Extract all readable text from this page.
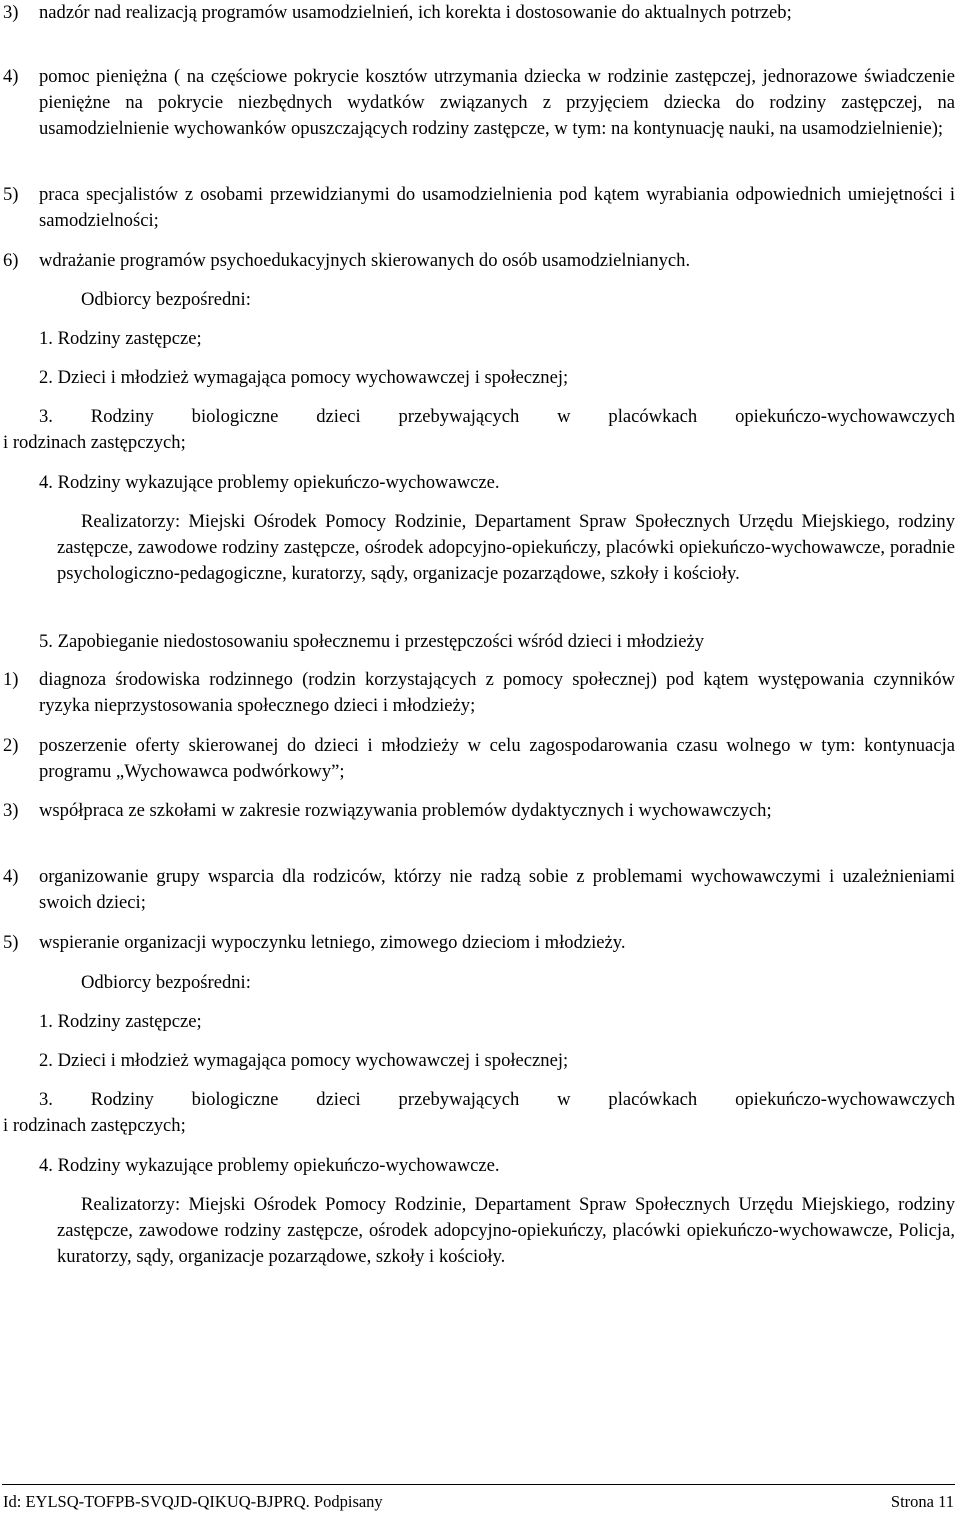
3)	nadzór nad realizacją programów usamodzielnień, ich korekta i dostosowanie do aktualnych potrzeb;
4)	pomoc pieniężna ( na częściowe pokrycie kosztów utrzymania dziecka w rodzinie zastępczej, jednorazowe świadczenie pieniężne na pokrycie niezbędnych wydatków związanych z przyjęciem dziecka do rodziny zastępczej, na usamodzielnienie wychowanków opuszczających rodziny zastępcze, w tym: na kontynuację nauki, na usamodzielnienie);
5)	praca specjalistów z osobami przewidzianymi do usamodzielnienia pod kątem wyrabiania odpowiednich umiejętności i samodzielności;
6)	wdrażanie programów psychoedukacyjnych skierowanych do osób usamodzielnianych.
Odbiorcy bezpośredni:
1. Rodziny zastępcze;
2. Dzieci i młodzież wymagająca pomocy wychowawczej i społecznej;
3. Rodziny biologiczne dzieci przebywających w placówkach opiekuńczo-wychowawczych
i rodzinach zastępczych;
4. Rodziny wykazujące problemy opiekuńczo-wychowawcze.
Realizatorzy: Miejski Ośrodek Pomocy Rodzinie, Departament Spraw Społecznych Urzędu Miejskiego, rodziny zastępcze, zawodowe rodziny zastępcze, ośrodek adopcyjno-opiekuńczy, placówki opiekuńczo-wychowawcze, poradnie psychologiczno-pedagogiczne, kuratorzy, sądy, organizacje pozarządowe, szkoły i kościoły.
5. Zapobieganie niedostosowaniu społecznemu i przestępczości wśród dzieci i młodzieży
1)	diagnoza środowiska rodzinnego (rodzin korzystających z pomocy społecznej) pod kątem występowania czynników ryzyka nieprzystosowania społecznego dzieci i młodzieży;
2)	poszerzenie oferty skierowanej do dzieci i młodzieży w celu zagospodarowania czasu wolnego w tym: kontynuacja programu „Wychowawca podwórkowy”;
3)	współpraca ze szkołami w zakresie rozwiązywania problemów dydaktycznych i wychowawczych;
4)	organizowanie grupy wsparcia dla rodziców, którzy nie radzą sobie z problemami wychowawczymi i uzależnieniami swoich dzieci;
5)	wspieranie organizacji wypoczynku letniego, zimowego dzieciom i młodzieży.
Odbiorcy bezpośredni:
1. Rodziny zastępcze;
2. Dzieci i młodzież wymagająca pomocy wychowawczej i społecznej;
3. Rodziny biologiczne dzieci przebywających w placówkach opiekuńczo-wychowawczych
i rodzinach zastępczych;
4. Rodziny wykazujące problemy opiekuńczo-wychowawcze.
Realizatorzy: Miejski Ośrodek Pomocy Rodzinie, Departament Spraw Społecznych Urzędu Miejskiego, rodziny zastępcze, zawodowe rodziny zastępcze, ośrodek adopcyjno-opiekuńczy, placówki opiekuńczo-wychowawcze, Policja, kuratorzy, sądy, organizacje pozarządowe, szkoły i kościoły.
Id: EYLSQ-TOFPB-SVQJD-QIKUQ-BJPRQ. Podpisany	Strona 11
